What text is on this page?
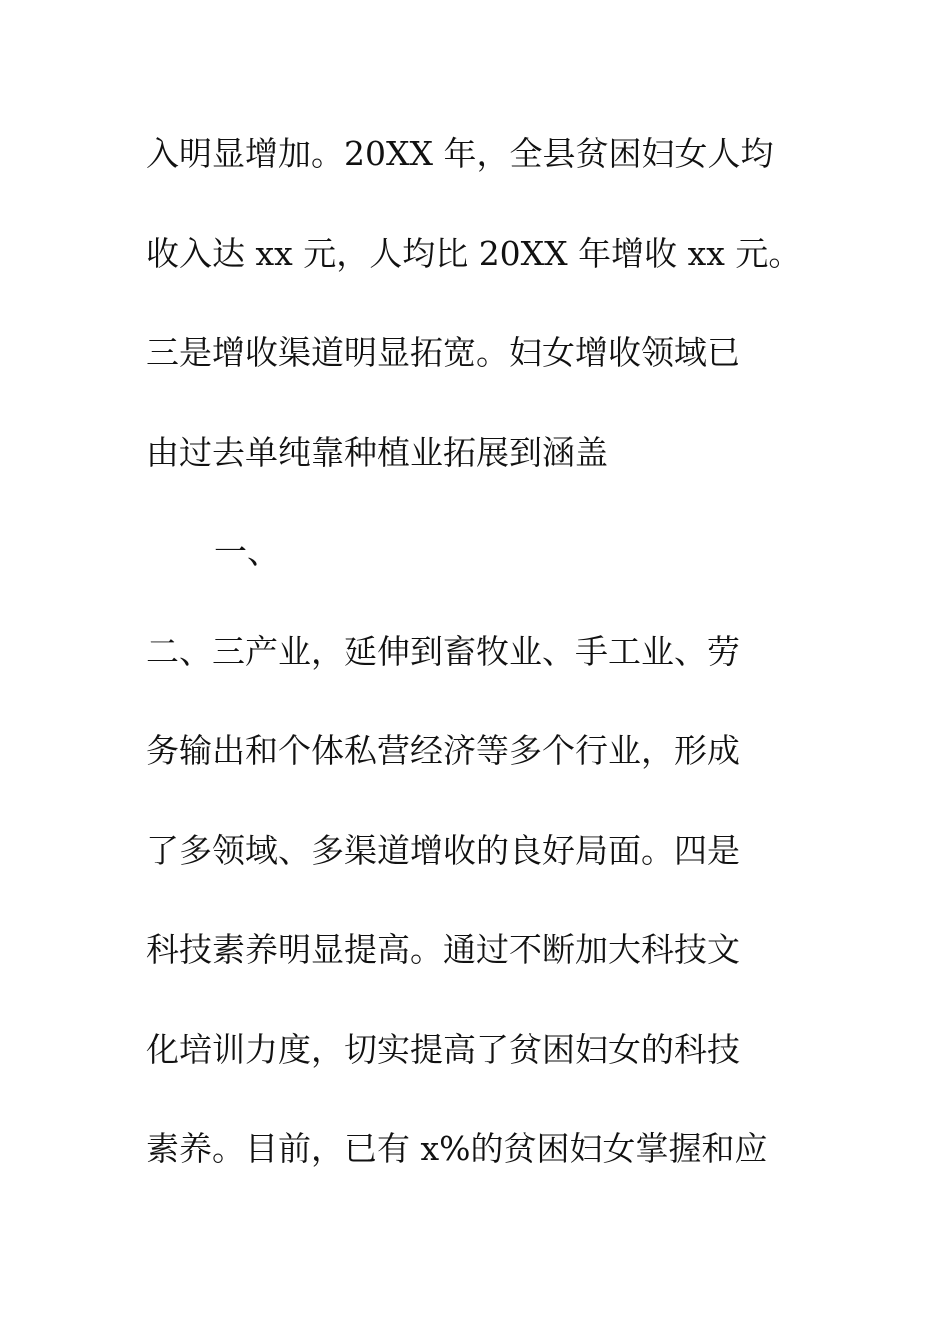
入明显增加。20XX 年，全县贫困妇女人均
收入达 xx 元，人均比 20XX 年增收 xx 元。
三是增收渠道明显拓宽。妇女增收领域已
由过去单纯靠种植业拓展到涵盖
一、
二、三产业，延伸到畜牧业、手工业、劳
务输出和个体私营经济等多个行业，形成
了多领域、多渠道增收的良好局面。四是
科技素养明显提高。通过不断加大科技文
化培训力度，切实提高了贫困妇女的科技
素养。目前，已有 x%的贫困妇女掌握和应
